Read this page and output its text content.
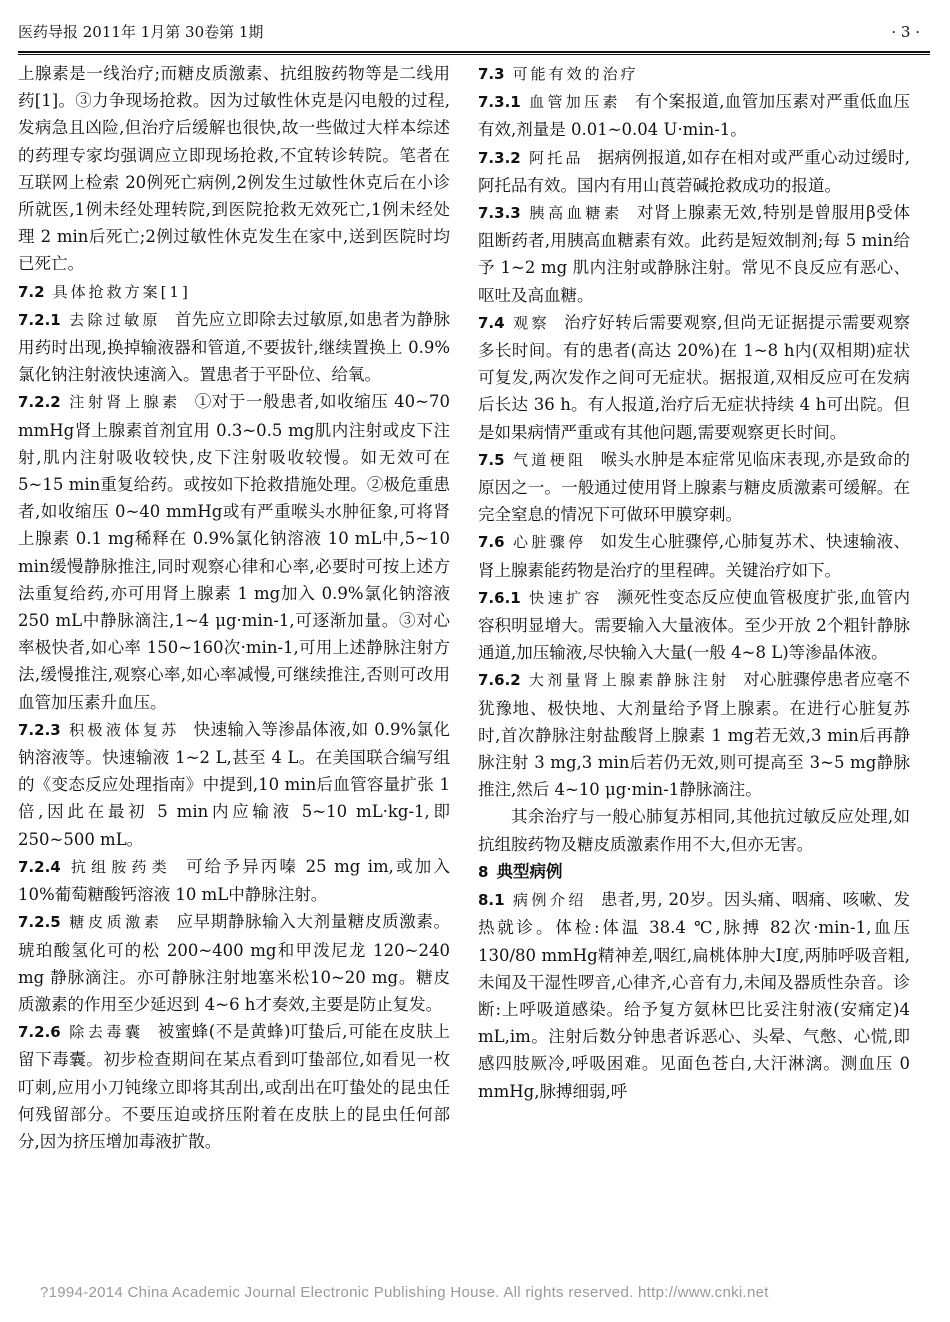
医药导报 2011年 1月第 30卷第 1期	· 3 ·

上腺素是一线治疗;而糖皮质激素、抗组胺药物等是二线用药[1]。③力争现场抢救。因为过敏性休克是闪电般的过程,发病急且凶险,但治疗后缓解也很快,故一些做过大样本综述的药理专家均强调应立即现场抢救,不宜转诊转院。笔者在互联网上检索 20例死亡病例,2例发生过敏性休克后在小诊所就医,1例未经处理转院,到医院抢救无效死亡,1例未经处理 2 min后死亡;2例过敏性休克发生在家中,送到医院时均已死亡。

7.2 具体抢救方案[1]

7.2.1 去除过敏原 首先应立即除去过敏原,如患者为静脉用药时出现,换掉输液器和管道,不要拔针,继续置换上 0.9%氯化钠注射液快速滴入。置患者于平卧位、给氧。

7.2.2 注射肾上腺素 ①对于一般患者,如收缩压 40~70 mmHg肾上腺素首剂宜用 0.3~0.5 mg肌内注射或皮下注射,肌内注射吸收较快,皮下注射吸收较慢。如无效可在 5~15 min重复给药。或按如下抢救措施处理。②极危重患者,如收缩压 0~40 mmHg或有严重喉头水肿征象,可将肾上腺素 0.1 mg稀释在 0.9%氯化钠溶液 10 mL中,5~10 min缓慢静脉推注,同时观察心律和心率,必要时可按上述方法重复给药,亦可用肾上腺素 1 mg加入 0.9%氯化钠溶液 250 mL中静脉滴注,1~4 μg·min-1,可逐渐加量。③对心率极快者,如心率 150~160次·min-1,可用上述静脉注射方法,缓慢推注,观察心率,如心率减慢,可继续推注,否则可改用血管加压素升血压。

7.2.3 积极液体复苏 快速输入等渗晶体液,如 0.9%氯化钠溶液等。快速输液 1~2 L,甚至 4 L。在美国联合编写组的《变态反应处理指南》中提到,10 min后血管容量扩张 1倍,因此在最初 5 min内应输液 5~10 mL·kg-1,即 250~500 mL。

7.2.4 抗组胺药类 可给予异丙嗪 25 mg im,或加入 10%葡萄糖酸钙溶液 10 mL中静脉注射。

7.2.5 糖皮质激素 应早期静脉输入大剂量糖皮质激素。琥珀酸氢化可的松 200~400 mg和甲泼尼龙 120~240 mg 静脉滴注。亦可静脉注射地塞米松10~20 mg。糖皮质激素的作用至少延迟到 4~6 h才奏效,主要是防止复发。

7.2.6 除去毒囊 被蜜蜂(不是黄蜂)叮蛰后,可能在皮肤上留下毒囊。初步检查期间在某点看到叮蛰部位,如看见一枚叮刺,应用小刀钝缘立即将其刮出,或刮出在叮蛰处的昆虫任何残留部分。不要压迫或挤压附着在皮肤上的昆虫任何部分,因为挤压增加毒液扩散。

7.3 可能有效的治疗

7.3.1 血管加压素 有个案报道,血管加压素对严重低血压有效,剂量是 0.01~0.04 U·min-1。

7.3.2 阿托品 据病例报道,如存在相对或严重心动过缓时,阿托品有效。国内有用山莨菪碱抢救成功的报道。

7.3.3 胰高血糖素 对肾上腺素无效,特别是曾服用β受体阻断药者,用胰高血糖素有效。此药是短效制剂;每 5 min给予 1~2 mg 肌内注射或静脉注射。常见不良反应有恶心、呕吐及高血糖。

7.4 观察 治疗好转后需要观察,但尚无证据提示需要观察多长时间。有的患者(高达 20%)在 1~8 h内(双相期)症状可复发,两次发作之间可无症状。据报道,双相反应可在发病后长达 36 h。有人报道,治疗后无症状持续 4 h可出院。但是如果病情严重或有其他问题,需要观察更长时间。

7.5 气道梗阻 喉头水肿是本症常见临床表现,亦是致命的原因之一。一般通过使用肾上腺素与糖皮质激素可缓解。在完全窒息的情况下可做环甲膜穿刺。

7.6 心脏骤停 如发生心脏骤停,心肺复苏术、快速输液、肾上腺素能药物是治疗的里程碑。关键治疗如下。

7.6.1 快速扩容 濒死性变态反应使血管极度扩张,血管内容积明显增大。需要输入大量液体。至少开放 2个粗针静脉通道,加压输液,尽快输入大量(一般 4~8 L)等渗晶体液。

7.6.2 大剂量肾上腺素静脉注射 对心脏骤停患者应毫不犹豫地、极快地、大剂量给予肾上腺素。在进行心脏复苏时,首次静脉注射盐酸肾上腺素 1 mg若无效,3 min后再静脉注射 3 mg,3 min后若仍无效,则可提高至 3~5 mg静脉推注,然后 4~10 μg·min-1静脉滴注。

其余治疗与一般心肺复苏相同,其他抗过敏反应处理,如抗组胺药物及糖皮质激素作用不大,但亦无害。

8 典型病例

8.1 病例介绍 患者,男, 20岁。因头痛、咽痛、咳嗽、发热就诊。体检:体温 38.4 ℃,脉搏 82次·min-1,血压 130/80 mmHg精神差,咽红,扁桃体肿大Ⅰ度,两肺呼吸音粗,未闻及干湿性啰音,心律齐,心音有力,未闻及器质性杂音。诊断:上呼吸道感染。给予复方氨林巴比妥注射液(安痛定)4 mL,im。注射后数分钟患者诉恶心、头晕、气憋、心慌,即感四肢厥冷,呼吸困难。见面色苍白,大汗淋漓。测血压 0 mmHg,脉搏细弱,呼

?1994-2014 China Academic Journal Electronic Publishing House. All rights reserved. http://www.cnki.net
